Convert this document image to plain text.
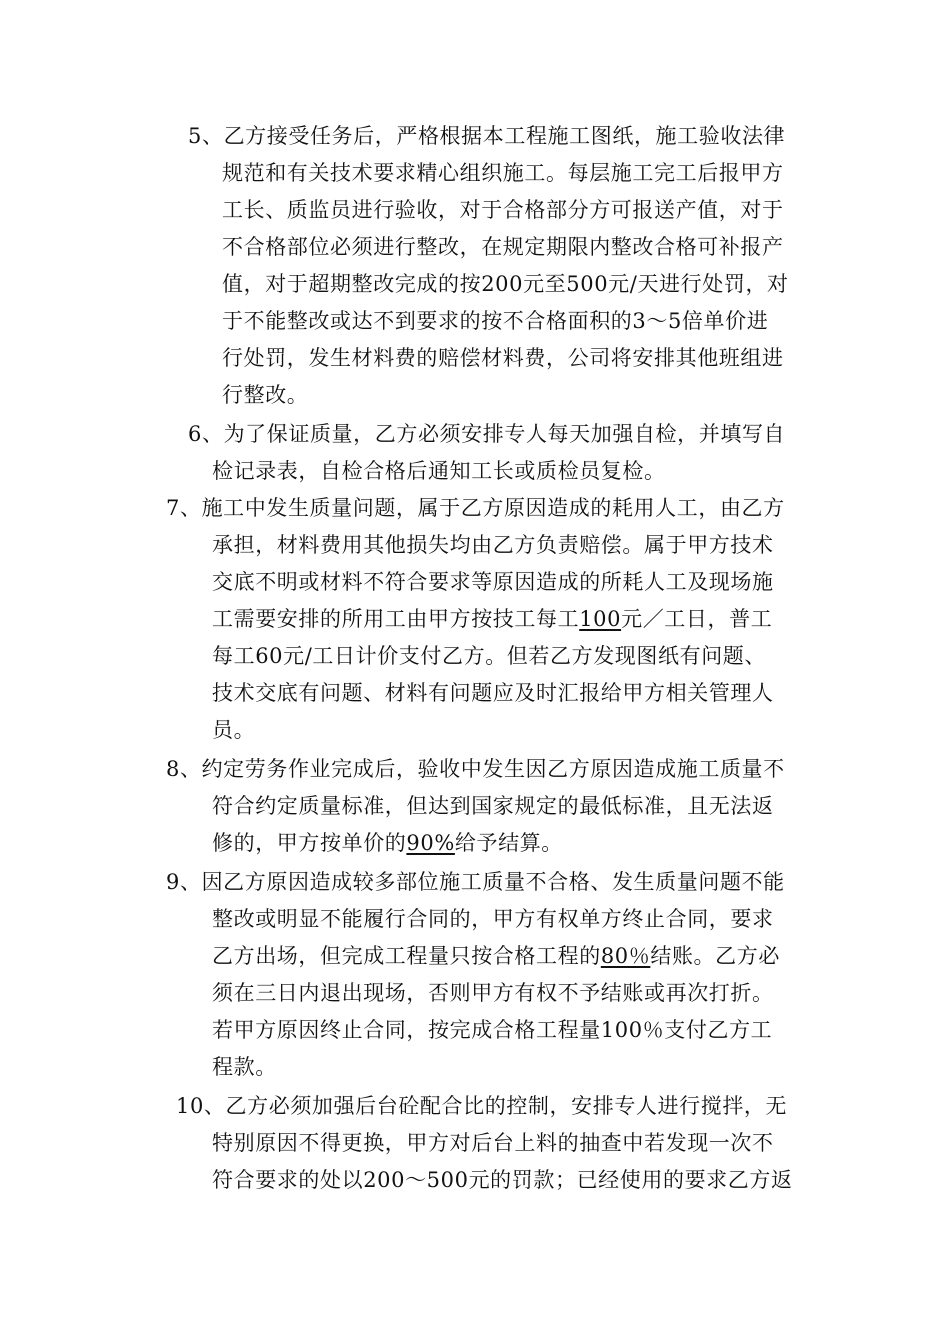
5、乙方接受任务后，严格根据本工程施工图纸，施工验收法律
规范和有关技术要求精心组织施工。每层施工完工后报甲方
工长、质监员进行验收，对于合格部分方可报送产值，对于
不合格部位必须进行整改，在规定期限内整改合格可补报产
值，对于超期整改完成的按200元至500元/天进行处罚，对
于不能整改或达不到要求的按不合格面积的3～5倍单价进
行处罚，发生材料费的赔偿材料费，公司将安排其他班组进
行整改。
6、为了保证质量，乙方必须安排专人每天加强自检，并填写自
检记录表，自检合格后通知工长或质检员复检。
7、施工中发生质量问题，属于乙方原因造成的耗用人工，由乙方
承担，材料费用其他损失均由乙方负责赔偿。属于甲方技术
交底不明或材料不符合要求等原因造成的所耗人工及现场施
工需要安排的所用工由甲方按技工每工100元／工日，普工
每工60元/工日计价支付乙方。但若乙方发现图纸有问题、
技术交底有问题、材料有问题应及时汇报给甲方相关管理人
员。
8、约定劳务作业完成后，验收中发生因乙方原因造成施工质量不
符合约定质量标准，但达到国家规定的最低标准，且无法返
修的，甲方按单价的90%给予结算。
9、因乙方原因造成较多部位施工质量不合格、发生质量问题不能
整改或明显不能履行合同的，甲方有权单方终止合同，要求
乙方出场，但完成工程量只按合格工程的80％结账。乙方必
须在三日内退出现场，否则甲方有权不予结账或再次打折。
若甲方原因终止合同，按完成合格工程量100％支付乙方工
程款。
10、乙方必须加强后台砼配合比的控制，安排专人进行搅拌，无
特别原因不得更换，甲方对后台上料的抽查中若发现一次不
符合要求的处以200～500元的罚款；已经使用的要求乙方返
